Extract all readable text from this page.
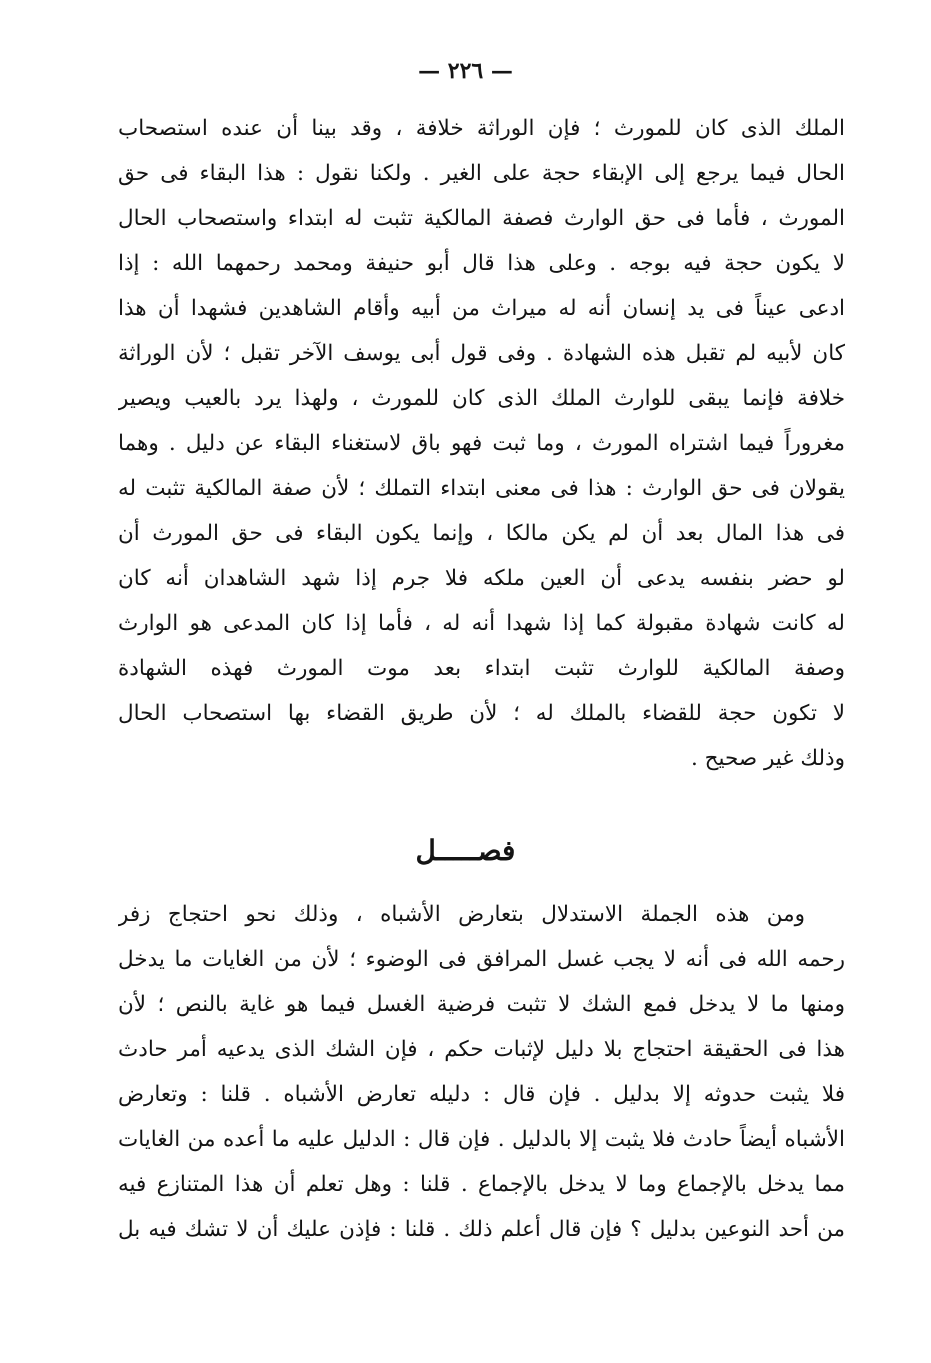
— ٢٢٦ —
الملك الذى كان للمورث ؛ فإن الوراثة خلافة ، وقد بينا أن عنده استصحاب
الحال فيما يرجع إلى الإبقاء حجة على الغير . ولكنا نقول : هذا البقاء فى حق
المورث ، فأما فى حق الوارث فصفة المالكية تثبت له ابتداء واستصحاب الحال
لا يكون حجة فيه بوجه . وعلى هذا قال أبو حنيفة ومحمد رحمهما الله : إذا
ادعى عيناً فى يد إنسان أنه له ميراث من أبيه وأقام الشاهدين فشهدا أن هذا
كان لأبيه لم تقبل هذه الشهادة . وفى قول أبى يوسف الآخر تقبل ؛ لأن الوراثة
خلافة فإنما يبقى للوارث الملك الذى كان للمورث ، ولهذا يرد بالعيب ويصير
مغروراً فيما اشتراه المورث ، وما ثبت فهو باق لاستغناء البقاء عن دليل . وهما
يقولان فى حق الوارث : هذا فى معنى ابتداء التملك ؛ لأن صفة المالكية تثبت له
فى هذا المال بعد أن لم يكن مالكا ، وإنما يكون البقاء فى حق المورث أن
لو حضر بنفسه يدعى أن العين ملكه فلا جرم إذا شهد الشاهدان أنه كان
له كانت شهادة مقبولة كما إذا شهدا أنه له ، فأما إذا كان المدعى هو الوارث
وصفة المالكية للوارث تثبت ابتداء بعد موت المورث فهذه الشهادة
لا تكون حجة للقضاء بالملك له ؛ لأن طريق القضاء بها استصحاب الحال
وذلك غير صحيح .
فصـــــل
ومن هذه الجملة الاستدلال بتعارض الأشباه ، وذلك نحو احتجاج زفر
رحمه الله فى أنه لا يجب غسل المرافق فى الوضوء ؛ لأن من الغايات ما يدخل
ومنها ما لا يدخل فمع الشك لا تثبت فرضية الغسل فيما هو غاية بالنص ؛ لأن
هذا فى الحقيقة احتجاج بلا دليل لإثبات حكم ، فإن الشك الذى يدعيه أمر حادث
فلا يثبت حدوثه إلا بدليل . فإن قال : دليله تعارض الأشباه . قلنا : وتعارض
الأشباه أيضاً حادث فلا يثبت إلا بالدليل . فإن قال : الدليل عليه ما أعده من الغايات
مما يدخل بالإجماع وما لا يدخل بالإجماع . قلنا : وهل تعلم أن هذا المتنازع فيه
من أحد النوعين بدليل ؟ فإن قال أعلم ذلك . قلنا : فإذن عليك أن لا تشك فيه بل
